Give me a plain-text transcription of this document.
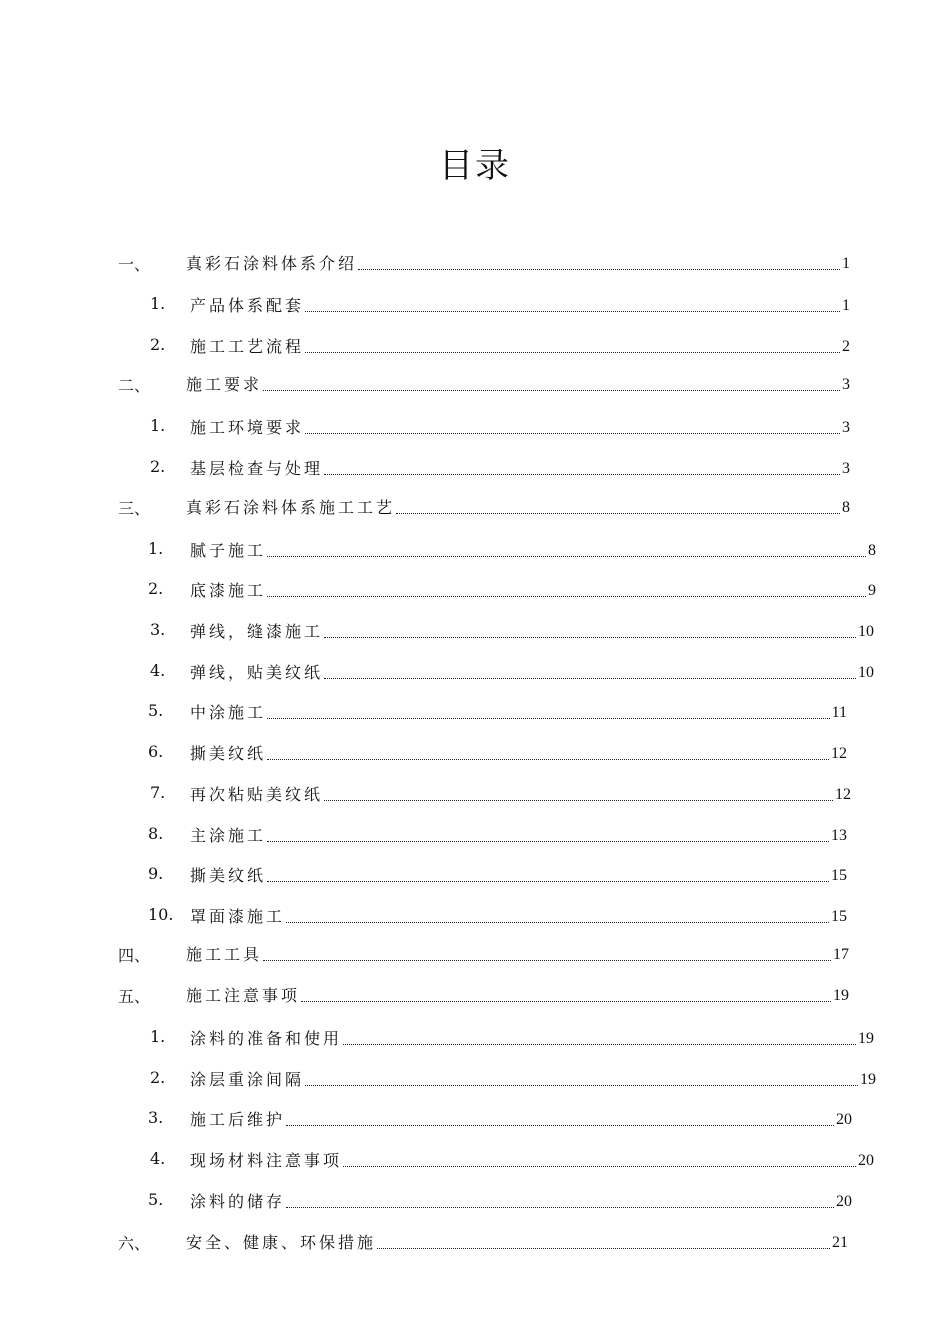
目录
一、 真彩石涂料体系介绍	1
1. 产品体系配套	1
2. 施工工艺流程	2
二、 施工要求	3
1. 施工环境要求	3
2. 基层检查与处理	3
三、 真彩石涂料体系施工工艺	8
1. 腻子施工	8
2. 底漆施工	9
3. 弹线，缝漆施工	10
4. 弹线，贴美纹纸	10
5. 中涂施工	11
6. 撕美纹纸	12
7. 再次粘贴美纹纸	12
8. 主涂施工	13
9. 撕美纹纸	15
10. 罩面漆施工	15
四、 施工工具	17
五、 施工注意事项	19
1. 涂料的准备和使用	19
2. 涂层重涂间隔	19
3. 施工后维护	20
4. 现场材料注意事项	20
5. 涂料的储存	20
六、 安全、健康、环保措施	21
